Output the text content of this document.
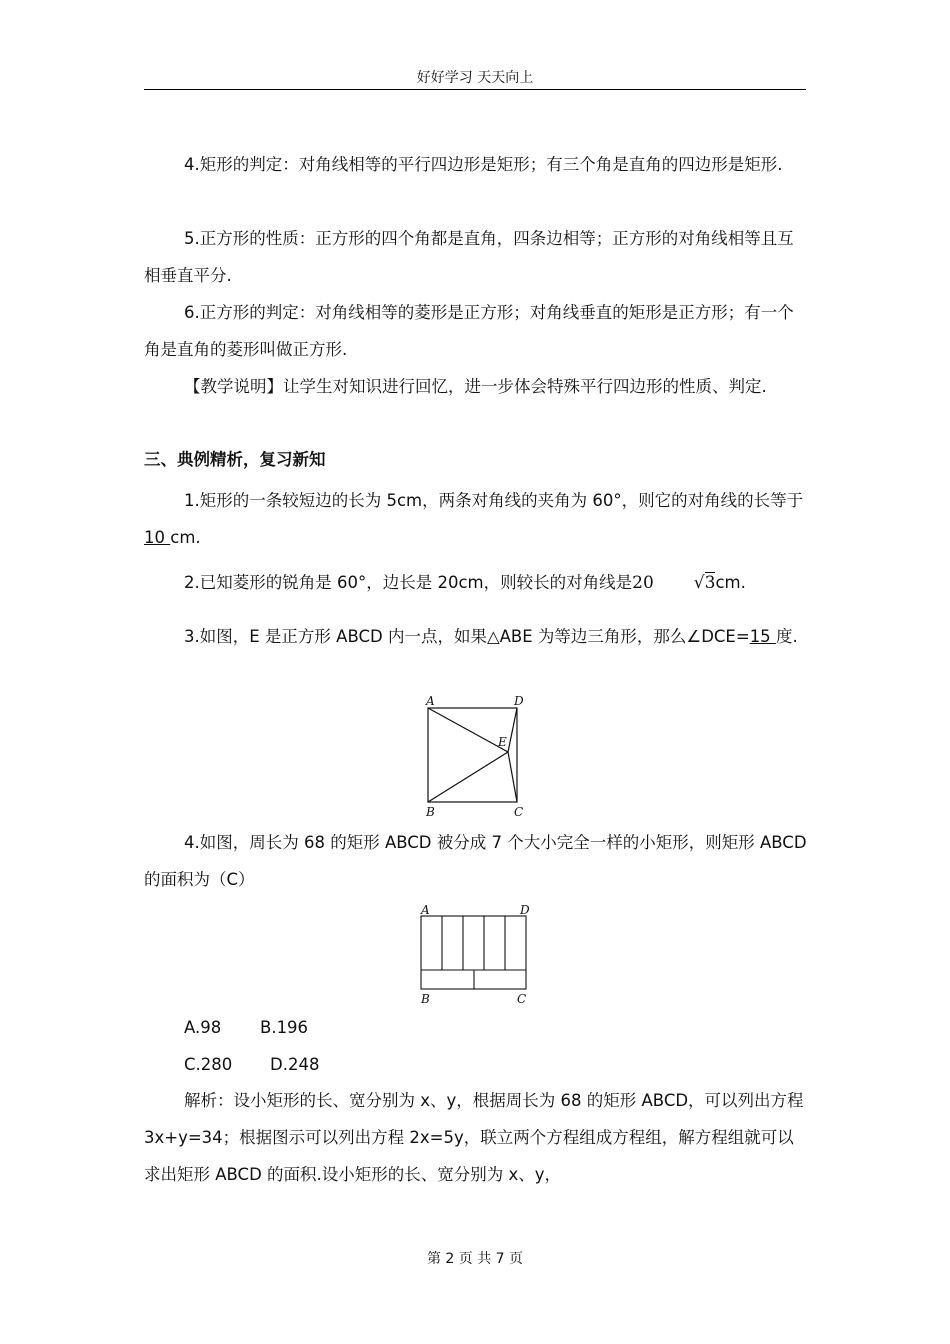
好好学习 天天向上

4.矩形的判定：对角线相等的平行四边形是矩形；有三个角是直角的四边形是矩形.

5.正方形的性质：正方形的四个角都是直角，四条边相等；正方形的对角线相等且互相垂直平分.

6.正方形的判定：对角线相等的菱形是正方形；对角线垂直的矩形是正方形；有一个角是直角的菱形叫做正方形.

【教学说明】让学生对知识进行回忆，进一步体会特殊平行四边形的性质、判定.

三、典例精析，复习新知

1.矩形的一条较短边的长为 5cm，两条对角线的夹角为 60°，则它的对角线的长等于 10 cm.

2.已知菱形的锐角是 60°，边长是 20cm，则较长的对角线是20 √3cm.

3.如图，E 是正方形 ABCD 内一点，如果△ABE 为等边三角形，那么∠DCE=15 度.

A	D
E
B	C

4.如图，周长为 68 的矩形 ABCD 被分成 7 个大小完全一样的小矩形，则矩形 ABCD 的面积为（C）

A	D
B	C
A.98 B.196
C.280 D.248

解析：设小矩形的长、宽分别为 x、y，根据周长为 68 的矩形 ABCD，可以列出方程 3x+y=34；根据图示可以列出方程 2x=5y，联立两个方程组成方程组，解方程组就可以求出矩形 ABCD 的面积.设小矩形的长、宽分别为 x、y，

第 2 页 共 7 页
